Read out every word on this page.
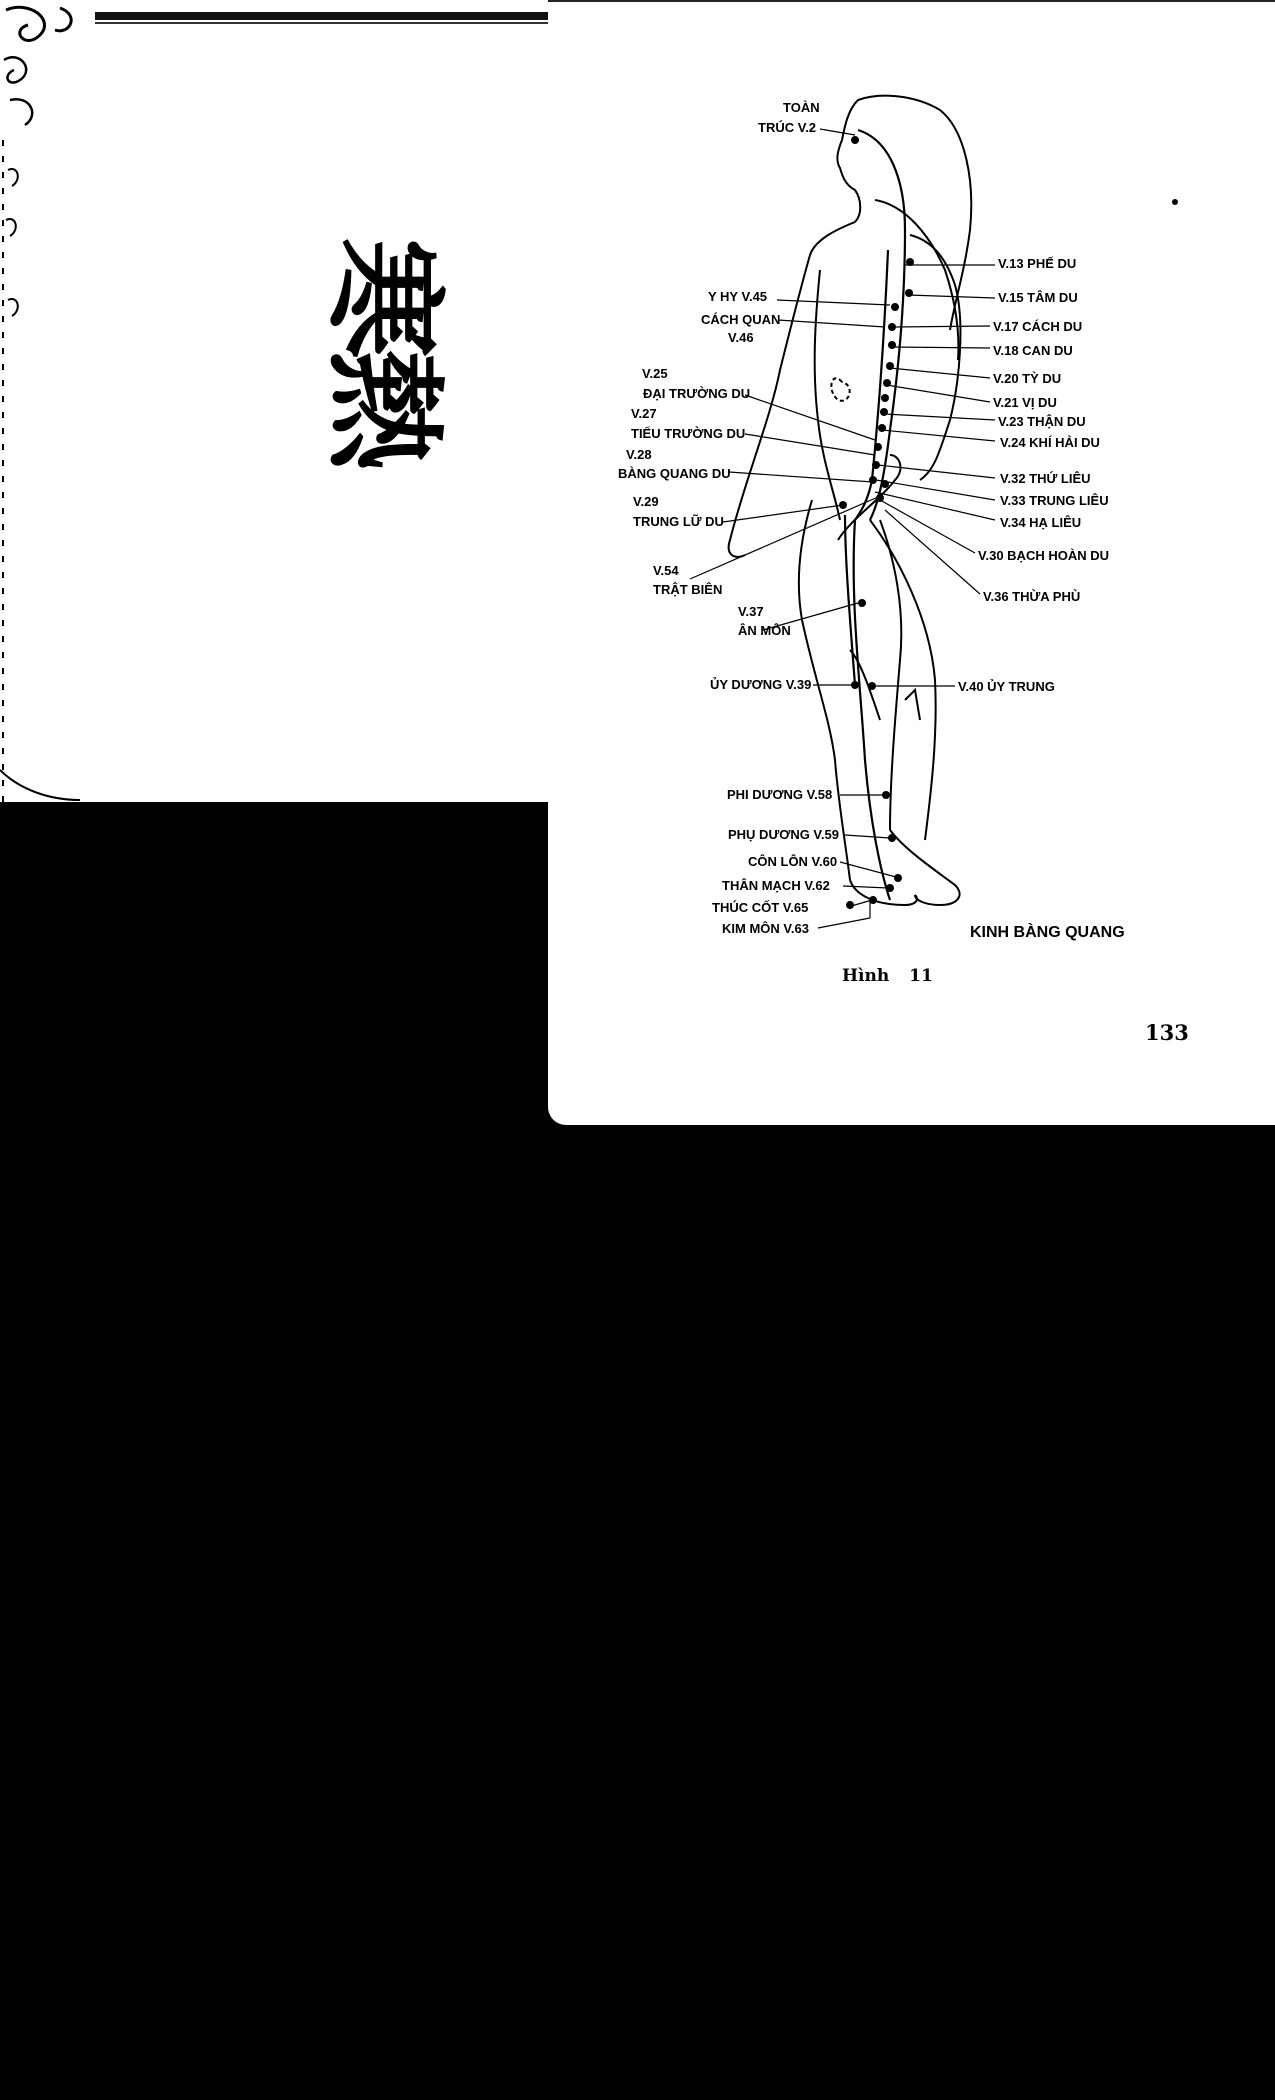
寒熱
TOÀN
TRÚC V.2
Y HY V.45
CÁCH QUAN
V.46
V.25
ĐẠI TRƯỜNG DU
V.27
TIỂU TRƯỜNG DU
V.28
BÀNG QUANG DU
V.29
TRUNG LỮ DU
V.54
TRẬT BIÊN
V.37
ÂN MÔN
ỦY DƯƠNG V.39
PHI DƯƠNG V.58
PHỤ DƯƠNG V.59
CÔN LÔN V.60
THÂN MẠCH V.62
THÚC CỐT V.65
KIM MÔN V.63
V.13 PHẾ DU
V.15 TÂM DU
V.17 CÁCH DU
V.18 CAN DU
V.20 TỲ DU
V.21 VỊ DU
V.23 THẬN DU
V.24 KHÍ HẢI DU
V.32 THỨ LIÊU
V.33 TRUNG LIÊU
V.34 HẠ LIÊU
V.30 BẠCH HOÀN DU
V.36 THỪA PHÙ
V.40 ỦY TRUNG
KINH BÀNG QUANG
Hình 11
133
